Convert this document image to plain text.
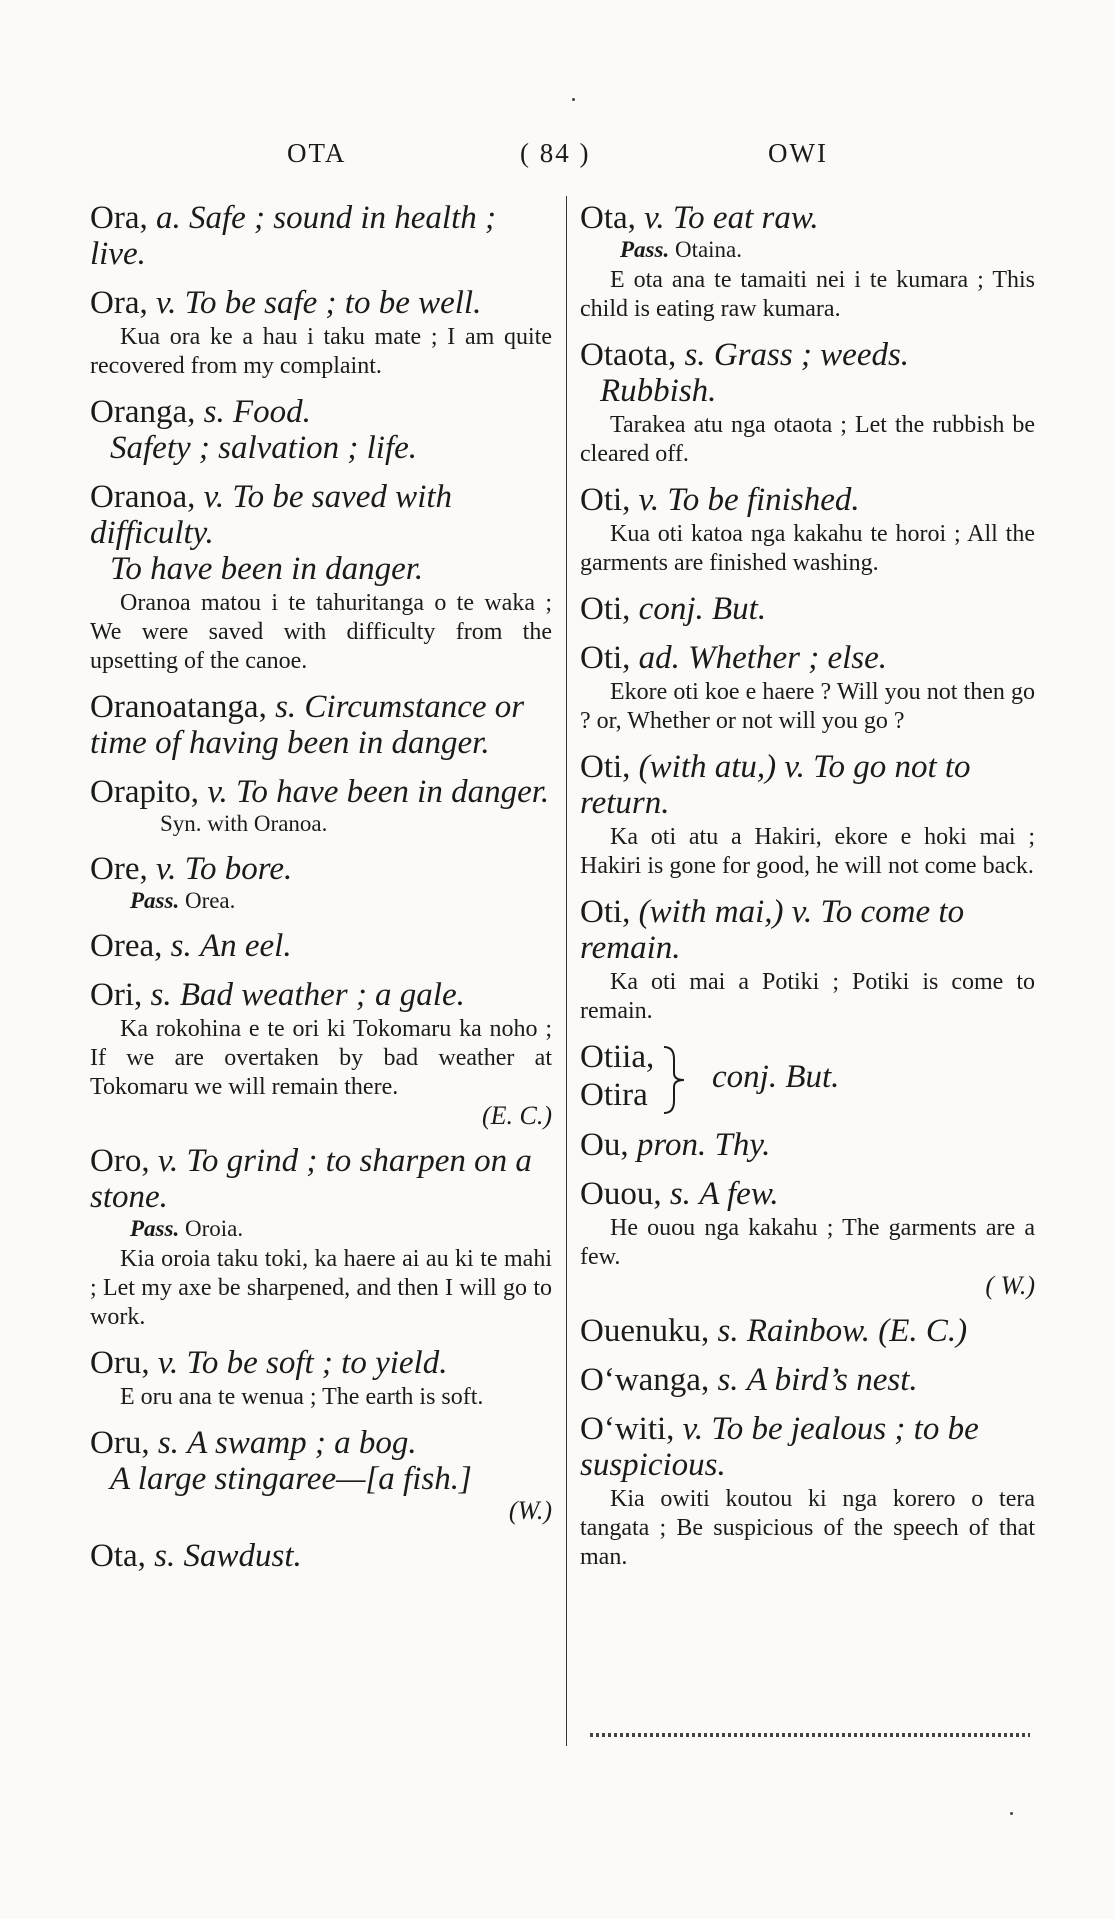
OTA	( 84 )	OWI
Ora, a. Safe ; sound in health ; live.
Ora, v. To be safe ; to be well.
Kua ora ke a hau i taku mate ; I am quite recovered from my complaint.
Oranga, s. Food.
Safety ; salvation ; life.
Oranoa, v. To be saved with difficulty.
To have been in danger.
Oranoa matou i te tahuritanga o te waka ; We were saved with difficulty from the upsetting of the canoe.
Oranoatanga, s. Circumstance or time of having been in danger.
Orapito, v. To have been in danger.
Syn. with Oranoa.
Ore, v. To bore.
Pass. Orea.
Orea, s. An eel.
Ori, s. Bad weather ; a gale.
Ka rokohina e te ori ki Tokomaru ka noho ; If we are overtaken by bad weather at Tokomaru we will remain there.
(E. C.)
Oro, v. To grind ; to sharpen on a stone.
Pass. Oroia.
Kia oroia taku toki, ka haere ai au ki te mahi ; Let my axe be sharpened, and then I will go to work.
Oru, v. To be soft ; to yield.
E oru ana te wenua ; The earth is soft.
Oru, s. A swamp ; a bog.
A large stingaree—[a fish.]
(W.)
Ota, s. Sawdust.
Ota, v. To eat raw.
Pass. Otaina.
E ota ana te tamaiti nei i te kumara ; This child is eating raw kumara.
Otaota, s. Grass ; weeds.
Rubbish.
Tarakea atu nga otaota ; Let the rubbish be cleared off.
Oti, v. To be finished.
Kua oti katoa nga kakahu te horoi ; All the garments are finished washing.
Oti, conj. But.
Oti, ad. Whether ; else.
Ekore oti koe e haere ? Will you not then go ? or, Whether or not will you go ?
Oti, (with atu,) v. To go not to return.
Ka oti atu a Hakiri, ekore e hoki mai ; Hakiri is gone for good, he will not come back.
Oti, (with mai,) v. To come to remain.
Ka oti mai a Potiki ; Potiki is come to remain.
Otiia,
Otira conj. But.
Ou, pron. Thy.
Ouou, s. A few.
He ouou nga kakahu ; The garments are a few.
( W.)
Ouenuku, s. Rainbow. (E. C.)
O‘wanga, s. A bird’s nest.
O‘witi, v. To be jealous ; to be suspicious.
Kia owiti koutou ki nga korero o tera tangata ; Be suspicious of the speech of that man.
